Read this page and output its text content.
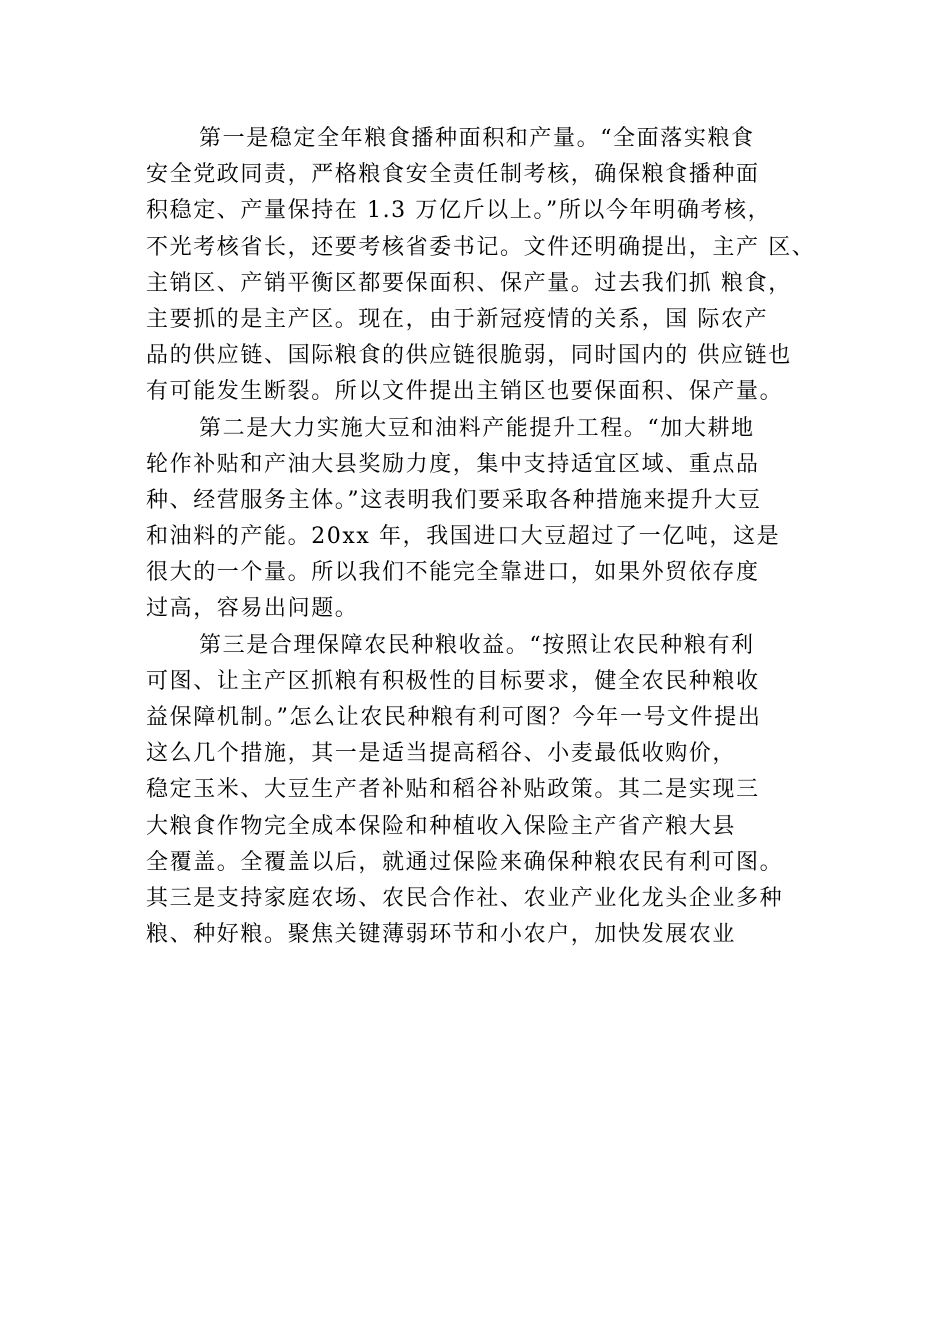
第一是稳定全年粮食播种面积和产量。“全面落实粮食
安全党政同责，严格粮食安全责任制考核，确保粮食播种面
积稳定、产量保持在 1.3 万亿斤以上。”所以今年明确考核，
不光考核省长，还要考核省委书记。文件还明确提出，主产 区、
主销区、产销平衡区都要保面积、保产量。过去我们抓 粮食，
主要抓的是主产区。现在，由于新冠疫情的关系，国 际农产
品的供应链、国际粮食的供应链很脆弱，同时国内的 供应链也
有可能发生断裂。所以文件提出主销区也要保面积、保产量。
第二是大力实施大豆和油料产能提升工程。“加大耕地
轮作补贴和产油大县奖励力度，集中支持适宜区域、重点品
种、经营服务主体。”这表明我们要采取各种措施来提升大豆
和油料的产能。20xx 年，我国进口大豆超过了一亿吨，这是
很大的一个量。所以我们不能完全靠进口，如果外贸依存度
过高，容易出问题。
第三是合理保障农民种粮收益。“按照让农民种粮有利
可图、让主产区抓粮有积极性的目标要求，健全农民种粮收
益保障机制。”怎么让农民种粮有利可图？今年一号文件提出
这么几个措施，其一是适当提高稻谷、小麦最低收购价，
稳定玉米、大豆生产者补贴和稻谷补贴政策。其二是实现三
大粮食作物完全成本保险和种植收入保险主产省产粮大县
全覆盖。全覆盖以后，就通过保险来确保种粮农民有利可图。
其三是支持家庭农场、农民合作社、农业产业化龙头企业多种
粮、种好粮。聚焦关键薄弱环节和小农户，加快发展农业
